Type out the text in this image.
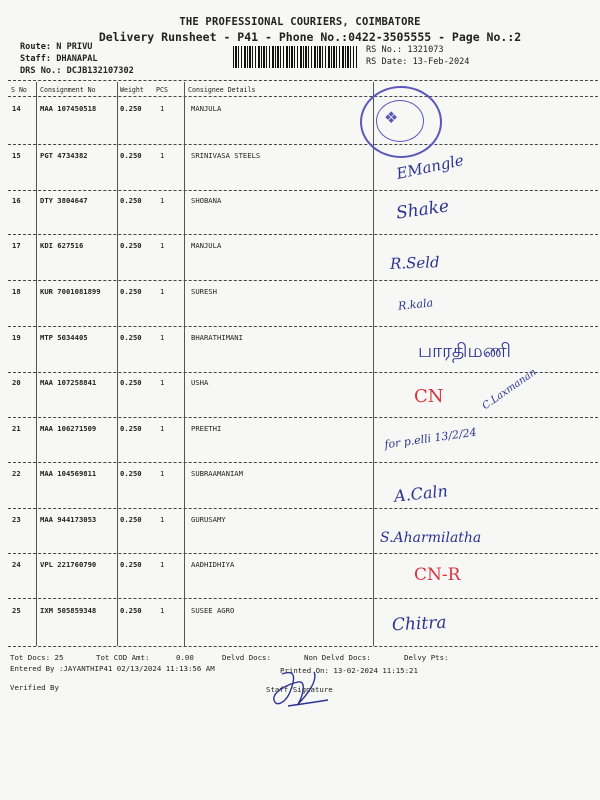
THE PROFESSIONAL COURIERS, COIMBATORE
Delivery Runsheet - P41 - Phone No.:0422-3505555 - Page No.:2
Route: N PRIVU
Staff: DHANAPAL
DRS No.: DCJB132107302
RS No.: 1321073
RS Date: 13-Feb-2024
S No Consignment No	Weight PCS	Consignee Details
14	MAA 107450518	0.250	1	MANJULA
15	PGT 4734382	0.250	1	SRINIVASA STEELS
16	DTY 3804647	0.250	1	SHOBANA
17	KDI 627516	0.250	1	MANJULA
18	KUR 7001081899	0.250	1	SURESH
19	MTP 5034405	0.250	1	BHARATHIMANI
20	MAA 107258841	0.250	1	USHA
21	MAA 106271509	0.250	1	PREETHI
22	MAA 104569811	0.250	1	SUBRAAMANIAM
23	MAA 944173053	0.250	1	GURUSAMY
24	VPL 221760790	0.250	1	AADHIDHIYA
25	IXM 505859348	0.250	1	SUSEE AGRO
❖
EMangle
Shake
R.Seld
R.kala
பாரதிமணி
CN	C.Laxmanan
for p.elli 13/2/24
A.Caln
S.Aharmilatha
CN-R
Chitra
Tot Docs: 25	Tot COD Amt:	0.00	Delvd Docs:	Non Delvd Docs:	Delvy Pts:
Entered By :JAYANTHIP41 02/13/2024 11:13:56 AM	Printed On: 13-02-2024 11:15:21
Verified By	Staff Signature
